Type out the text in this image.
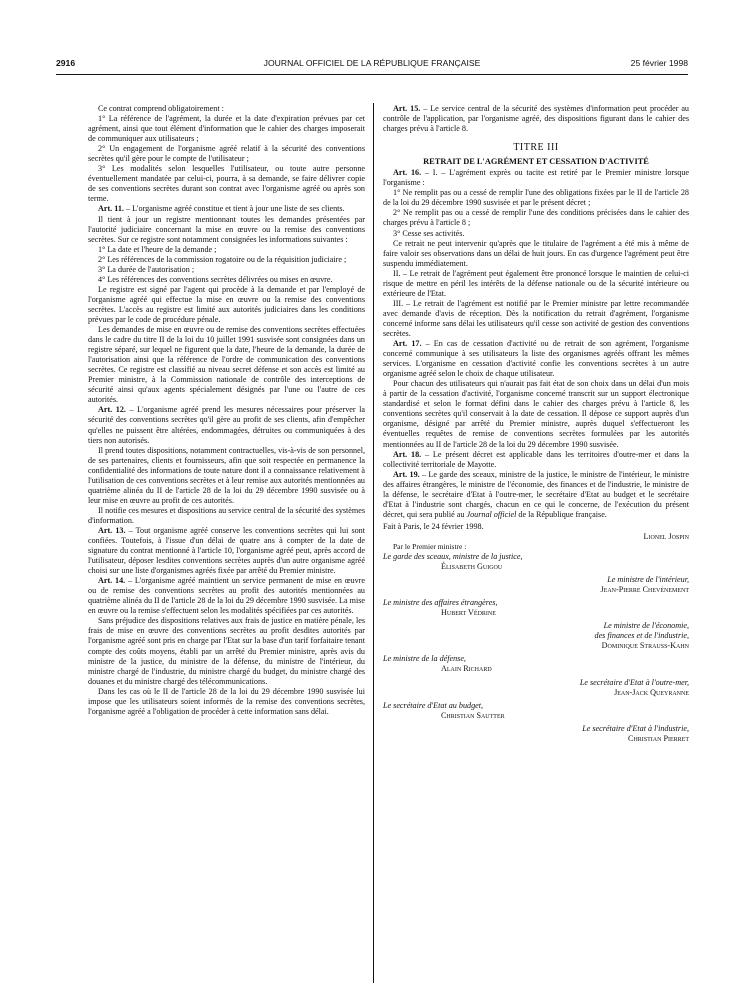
JOURNAL OFFICIEL DE LA RÉPUBLIQUE FRANÇAISE
2916	25 février 1998

Ce contrat comprend obligatoirement :

1° La référence de l'agrément, la durée et la date d'expiration prévues par cet agrément, ainsi que tout élément d'information que le cahier des charges imposerait de communiquer aux utilisateurs ;

2° Un engagement de l'organisme agréé relatif à la sécurité des conventions secrètes qu'il gère pour le compte de l'utilisateur ;

3° Les modalités selon lesquelles l'utilisateur, ou toute autre personne éventuellement mandatée par celui-ci, pourra, à sa demande, se faire délivrer copie de ses conventions secrètes durant son contrat avec l'organisme agréé ou après son terme.

Art. 11. – L'organisme agréé constitue et tient à jour une liste de ses clients.

Il tient à jour un registre mentionnant toutes les demandes présentées par l'autorité judiciaire concernant la mise en œuvre ou la remise des conventions secrètes. Sur ce registre sont notamment consignées les informations suivantes :

1° La date et l'heure de la demande ;

2° Les références de la commission rogatoire ou de la réquisition judiciaire ;

3° La durée de l'autorisation ;

4° Les références des conventions secrètes délivrées ou mises en œuvre.

Le registre est signé par l'agent qui procède à la demande et par l'employé de l'organisme agréé qui effectue la mise en œuvre ou la remise des conventions secrètes. L'accès au registre est limité aux autorités judiciaires dans les conditions prévues par le code de procédure pénale.

Les demandes de mise en œuvre ou de remise des conventions secrètes effectuées dans le cadre du titre II de la loi du 10 juillet 1991 susvisée sont consignées dans un registre séparé, sur lequel ne figurent que la date, l'heure de la demande, la durée de l'autorisation ainsi que la référence de l'ordre de communication des conventions secrètes. Ce registre est classifié au niveau secret défense et son accès est limité au Premier ministre, à la Commission nationale de contrôle des interceptions de sécurité ainsi qu'aux agents spécialement désignés par l'une ou l'autre de ces autorités.

Art. 12. – L'organisme agréé prend les mesures nécessaires pour préserver la sécurité des conventions secrètes qu'il gère au profit de ses clients, afin d'empêcher qu'elles ne puissent être altérées, endommagées, détruites ou communiquées à des tiers non autorisés.

Il prend toutes dispositions, notamment contractuelles, vis-à-vis de son personnel, de ses partenaires, clients et fournisseurs, afin que soit respectée en permanence la confidentialité des informations de toute nature dont il a connaissance relativement à l'utilisation de ces conventions secrètes et à leur remise aux autorités mentionnées au quatrième alinéa du II de l'article 28 de la loi du 29 décembre 1990 susvisée ou à leur mise en œuvre au profit de ces autorités.

Il notifie ces mesures et dispositions au service central de la sécurité des systèmes d'information.

Art. 13. – Tout organisme agréé conserve les conventions secrètes qui lui sont confiées. Toutefois, à l'issue d'un délai de quatre ans à compter de la date de signature du contrat mentionné à l'article 10, l'organisme agréé peut, après accord de l'utilisateur, déposer lesdites conventions secrètes auprès d'un autre organisme agréé choisi sur une liste d'organismes agréés fixée par arrêté du Premier ministre.

Art. 14. – L'organisme agréé maintient un service permanent de mise en œuvre ou de remise des conventions secrètes au profit des autorités mentionnées au quatrième alinéa du II de l'article 28 de la loi du 29 décembre 1990 susvisée. La mise en œuvre ou la remise s'effectuent selon les modalités spécifiées par ces autorités.

Sans préjudice des dispositions relatives aux frais de justice en matière pénale, les frais de mise en œuvre des conventions secrètes au profit desdites autorités par l'organisme agréé sont pris en charge par l'Etat sur la base d'un tarif forfaitaire tenant compte des coûts moyens, établi par un arrêté du Premier ministre, après avis du ministre de la justice, du ministre de la défense, du ministre de l'intérieur, du ministre chargé de l'industrie, du ministre chargé du budget, du ministre chargé des douanes et du ministre chargé des télécommunications.

Dans les cas où le II de l'article 28 de la loi du 29 décembre 1990 susvisée lui impose que les utilisateurs soient informés de la remise des conventions secrètes, l'organisme agréé a l'obligation de procéder à cette information sans délai.

Art. 15. – Le service central de la sécurité des systèmes d'information peut procéder au contrôle de l'application, par l'organisme agréé, des dispositions figurant dans le cahier des charges prévu à l'article 8.

TITRE III

RETRAIT DE L'AGRÉMENT ET CESSATION D'ACTIVITÉ

Art. 16. – I. – L'agrément exprès ou tacite est retiré par le Premier ministre lorsque l'organisme :

1° Ne remplit pas ou a cessé de remplir l'une des obligations fixées par le II de l'article 28 de la loi du 29 décembre 1990 susvisée et par le présent décret ;

2° Ne remplit pas ou a cessé de remplir l'une des conditions précisées dans le cahier des charges prévu à l'article 8 ;

3° Cesse ses activités.

Ce retrait ne peut intervenir qu'après que le titulaire de l'agrément a été mis à même de faire valoir ses observations dans un délai de huit jours. En cas d'urgence l'agrément peut être suspendu immédiatement.

II. – Le retrait de l'agrément peut également être prononcé lorsque le maintien de celui-ci risque de mettre en péril les intérêts de la défense nationale ou de la sécurité intérieure ou extérieure de l'Etat.

III. – Le retrait de l'agrément est notifié par le Premier ministre par lettre recommandée avec demande d'avis de réception. Dès la notification du retrait d'agrément, l'organisme concerné informe sans délai les utilisateurs qu'il cesse son activité de gestion des conventions secrètes.

Art. 17. – En cas de cessation d'activité ou de retrait de son agrément, l'organisme concerné communique à ses utilisateurs la liste des organismes agréés offrant les mêmes services. L'organisme en cessation d'activité confie les conventions secrètes à un autre organisme agréé selon le choix de chaque utilisateur.

Pour chacun des utilisateurs qui n'aurait pas fait état de son choix dans un délai d'un mois à partir de la cessation d'activité, l'organisme concerné transcrit sur un support électronique standardisé et selon le format défini dans le cahier des charges prévu à l'article 8, les conventions secrètes qu'il conservait à la date de cessation. Il dépose ce support auprès d'un organisme, désigné par arrêté du Premier ministre, auprès duquel s'effectueront les éventuelles requêtes de remise de conventions secrètes formulées par les autorités mentionnées au II de l'article 28 de la loi du 29 décembre 1990 susvisée.

Art. 18. – Le présent décret est applicable dans les territoires d'outre-mer et dans la collectivité territoriale de Mayotte.

Art. 19. – Le garde des sceaux, ministre de la justice, le ministre de l'intérieur, le ministre des affaires étrangères, le ministre de l'économie, des finances et de l'industrie, le ministre de la défense, le secrétaire d'Etat à l'outre-mer, le secrétaire d'Etat au budget et le secrétaire d'Etat à l'industrie sont chargés, chacun en ce qui le concerne, de l'exécution du présent décret, qui sera publié au Journal officiel de la République française.

Fait à Paris, le 24 février 1998.

Lionel Jospin

Par le Premier ministre :

Le garde des sceaux, ministre de la justice,
Élisabeth Guigou

Le ministre de l'intérieur,
Jean-Pierre Chevènement

Le ministre des affaires étrangères,
Hubert Védrine

Le ministre de l'économie,
des finances et de l'industrie,
Dominique Strauss-Kahn

Le ministre de la défense,
Alain Richard

Le secrétaire d'Etat à l'outre-mer,
Jean-Jack Queyranne

Le secrétaire d'Etat au budget,
Christian Sautter

Le secrétaire d'Etat à l'industrie,
Christian Pierret
